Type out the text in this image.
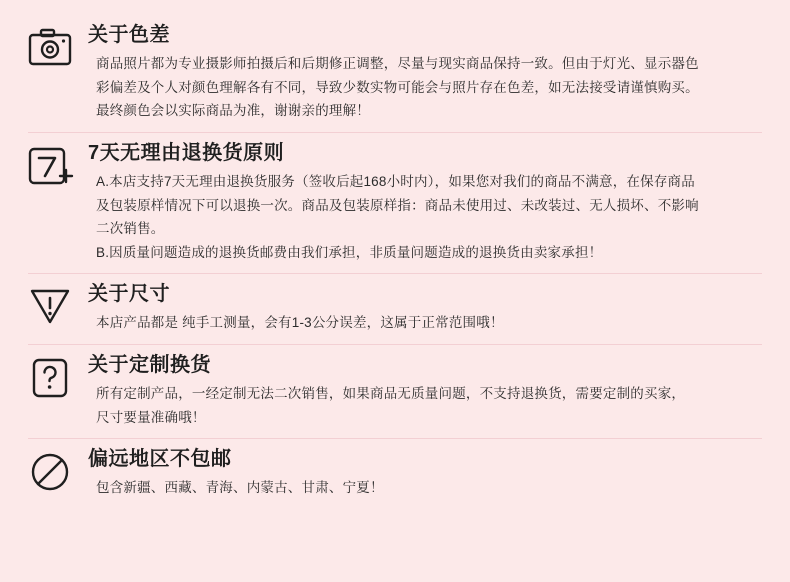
关于色差

商品照片都为专业摄影师拍摄后和后期修正调整，尽量与现实商品保持一致。但由于灯光、显示器色

彩偏差及个人对颜色理解各有不同，导致少数实物可能会与照片存在色差，如无法接受请谨慎购买。

最终颜色会以实际商品为准，谢谢亲的理解！

7天无理由退换货原则

A.本店支持7天无理由退换货服务（签收后起168小时内），如果您对我们的商品不满意，在保存商品

及包装原样情况下可以退换一次。商品及包装原样指：商品未使用过、未改装过、无人损坏、不影响

二次销售。

B.因质量问题造成的退换货邮费由我们承担，非质量问题造成的退换货由卖家承担！

关于尺寸

本店产品都是 纯手工测量，会有1-3公分误差，这属于正常范围哦！

关于定制换货

所有定制产品，一经定制无法二次销售，如果商品无质量问题，不支持退换货，需要定制的买家，

尺寸要量准确哦！

偏远地区不包邮

包含新疆、西藏、青海、内蒙古、甘肃、宁夏！
